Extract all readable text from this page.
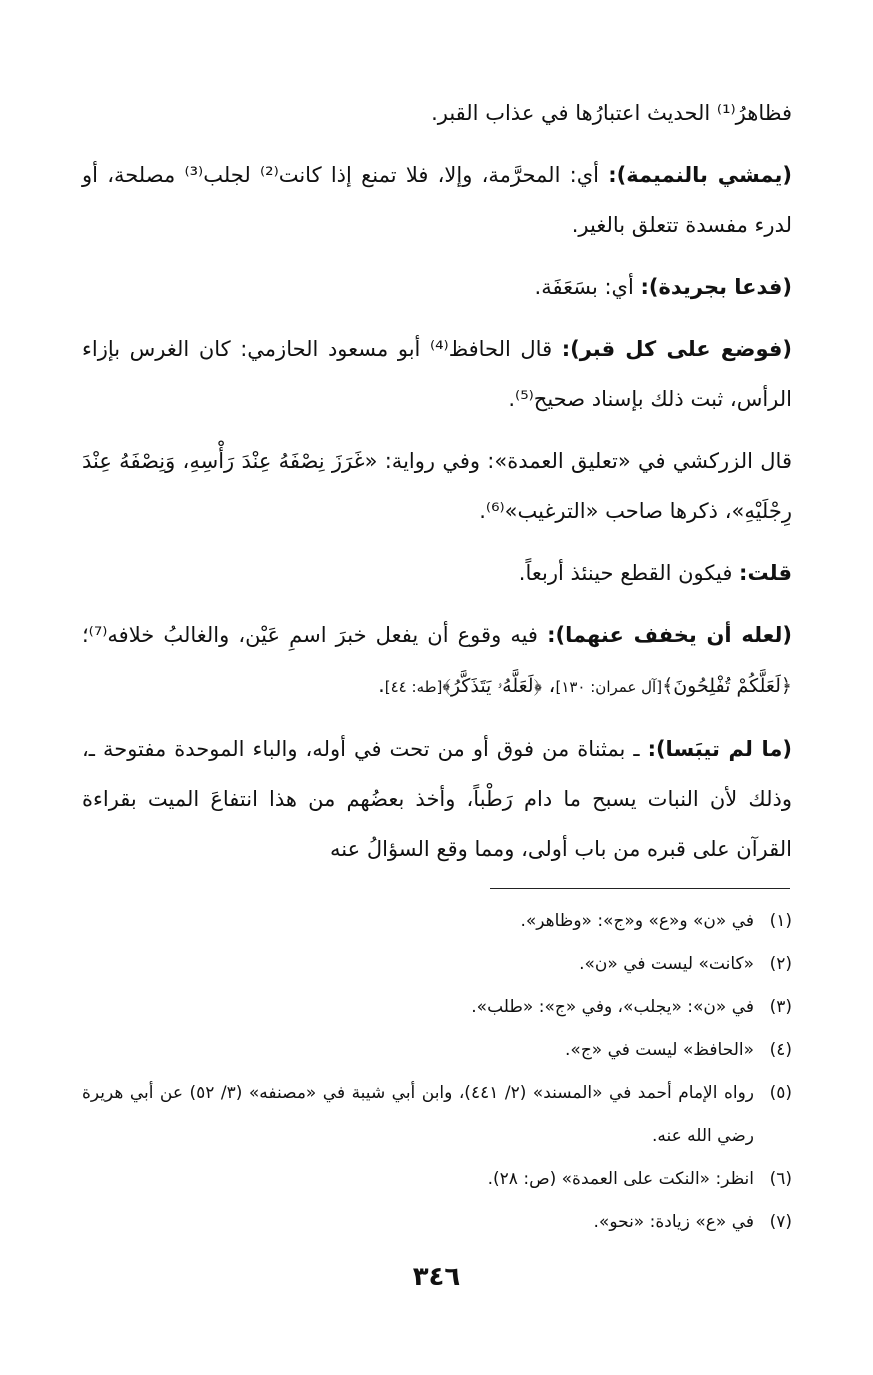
فظاهرُ⁽¹⁾ الحديث اعتبارُها في عذاب القبر.

(يمشي بالنميمة): أي: المحرَّمة، وإلا، فلا تمنع إذا كانت⁽²⁾ لجلب⁽³⁾ مصلحة، أو لدرء مفسدة تتعلق بالغير.

(فدعا بجريدة): أي: بسَعَفَة.

(فوضع على كل قبر): قال الحافظ⁽⁴⁾ أبو مسعود الحازمي: كان الغرس بإزاء الرأس، ثبت ذلك بإسناد صحيح⁽⁵⁾.

قال الزركشي في «تعليق العمدة»: وفي رواية: «غَرَزَ نِصْفَهُ عِنْدَ رَأْسِهِ، وَنِصْفَهُ عِنْدَ رِجْلَيْهِ»، ذكرها صاحب «الترغيب»⁽⁶⁾.

قلت: فيكون القطع حينئذ أربعاً.

(لعله أن يخفف عنهما): فيه وقوع أن يفعل خبرَ اسمِ عَيْن، والغالبُ خلافه⁽⁷⁾؛ ﴿لَعَلَّكُمْ تُفْلِحُونَ﴾[آل عمران: ١٣٠]، ﴿لَعَلَّهُۥ يَتَذَكَّرُ﴾[طه: ٤٤].

(ما لم تيبَسا): ـ بمثناة من فوق أو من تحت في أوله، والباء الموحدة مفتوحة ـ، وذلك لأن النبات يسبح ما دام رَطْباً، وأخذ بعضُهم من هذا انتفاعَ الميت بقراءة القرآن على قبره من باب أولى، ومما وقع السؤالُ عنه

(١)
في «ن» و«ع» و«ج»: «وظاهر».
(٢)
«كانت» ليست في «ن».
(٣)
في «ن»: «يجلب»، وفي «ج»: «طلب».
(٤)
«الحافظ» ليست في «ج».
(٥)
رواه الإمام أحمد في «المسند» (٢/ ٤٤١)، وابن أبي شيبة في «مصنفه» (٣/ ٥٢) عن أبي هريرة رضي الله عنه.
(٦)
انظر: «النكت على العمدة» (ص: ٢٨).
(٧)
في «ع» زيادة: «نحو».
٣٤٦
